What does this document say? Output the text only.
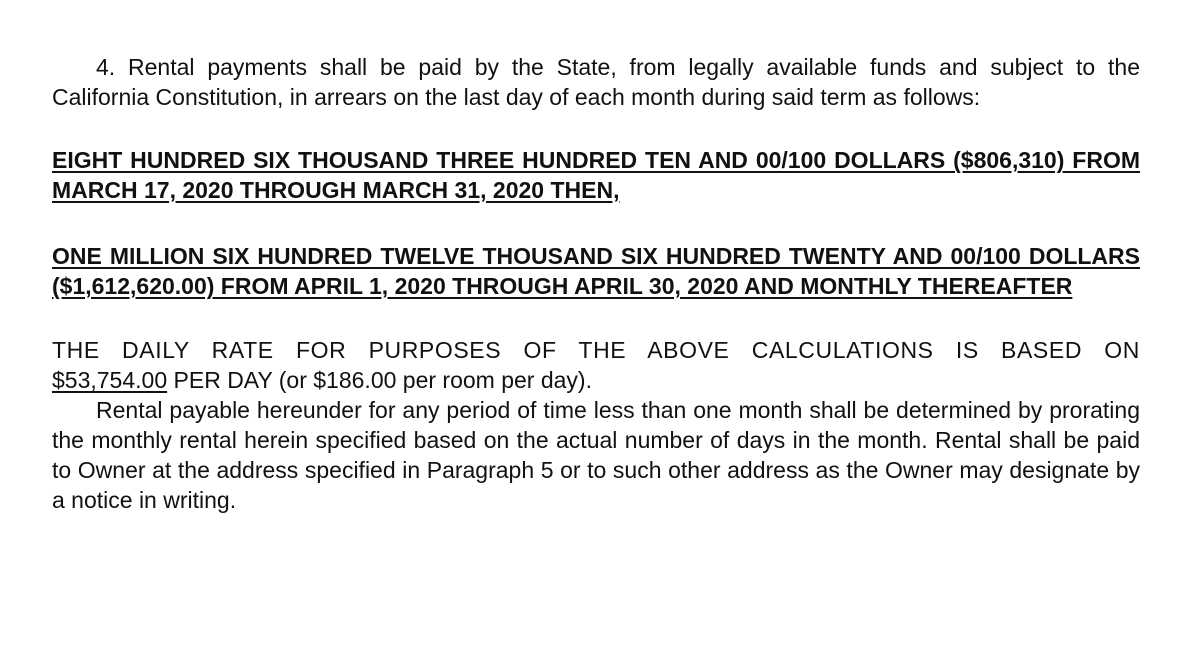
4. Rental payments shall be paid by the State, from legally available funds and subject to the California Constitution, in arrears on the last day of each month during said term as follows:

EIGHT HUNDRED SIX THOUSAND THREE HUNDRED TEN AND 00/100 DOLLARS ($806,310) FROM MARCH 17, 2020 THROUGH MARCH 31, 2020 THEN,

ONE MILLION SIX HUNDRED TWELVE THOUSAND SIX HUNDRED TWENTY AND 00/100 DOLLARS ($1,612,620.00) FROM APRIL 1, 2020 THROUGH APRIL 30, 2020 AND MONTHLY THEREAFTER

THE DAILY RATE FOR PURPOSES OF THE ABOVE CALCULATIONS IS BASED ON
$53,754.00 PER DAY (or $186.00 per room per day).

Rental payable hereunder for any period of time less than one month shall be determined by prorating the monthly rental herein specified based on the actual number of days in the month. Rental shall be paid to Owner at the address specified in Paragraph 5 or to such other address as the Owner may designate by a notice in writing.
